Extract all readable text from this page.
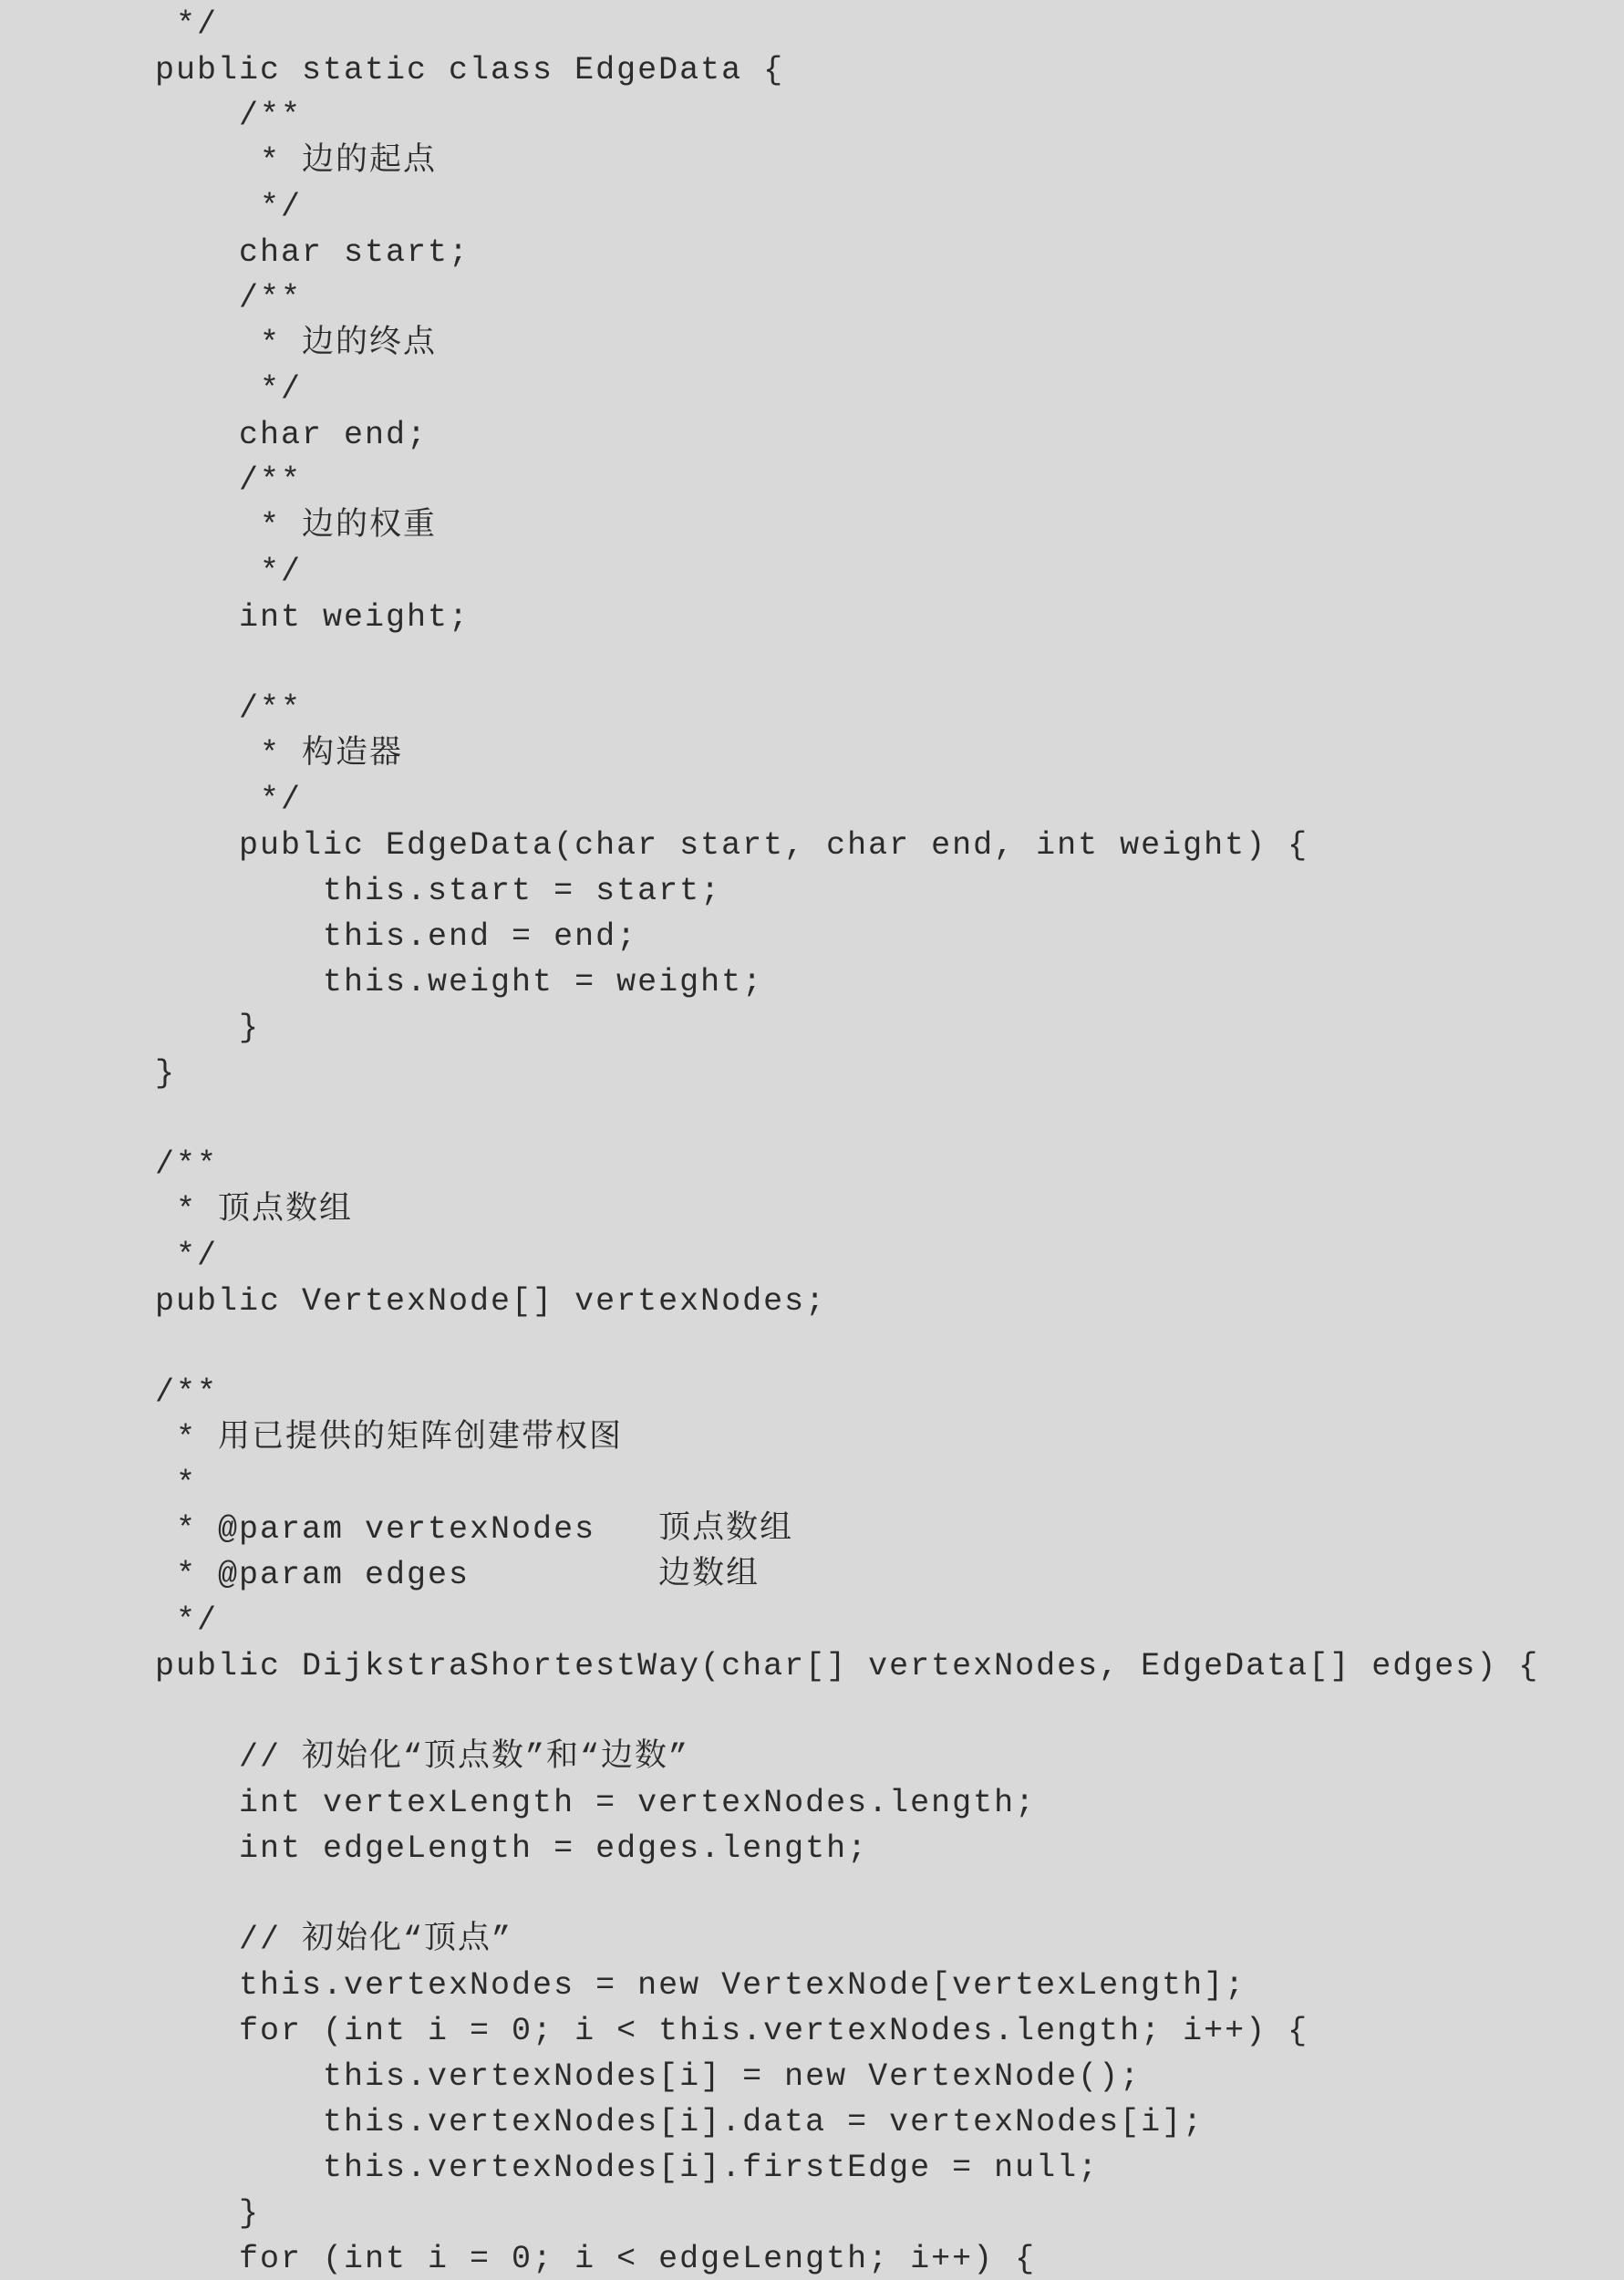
*/
public static class EdgeData {
/**
* 边的起点
*/
char start;
/**
* 边的终点
*/
char end;
/**
* 边的权重
*/
int weight;
/**
* 构造器
*/
public EdgeData(char start, char end, int weight) {
this.start = start;
this.end = end;
this.weight = weight;
}
}
/**
* 顶点数组
*/
public VertexNode[] vertexNodes;
/**
* 用已提供的矩阵创建带权图
*
* @param vertexNodes   顶点数组
* @param edges         边数组
*/
public DijkstraShortestWay(char[] vertexNodes, EdgeData[] edges) {
// 初始化“顶点数”和“边数”
int vertexLength = vertexNodes.length;
int edgeLength = edges.length;
// 初始化“顶点”
this.vertexNodes = new VertexNode[vertexLength];
for (int i = 0; i < this.vertexNodes.length; i++) {
this.vertexNodes[i] = new VertexNode();
this.vertexNodes[i].data = vertexNodes[i];
this.vertexNodes[i].firstEdge = null;
}
for (int i = 0; i < edgeLength; i++) {
